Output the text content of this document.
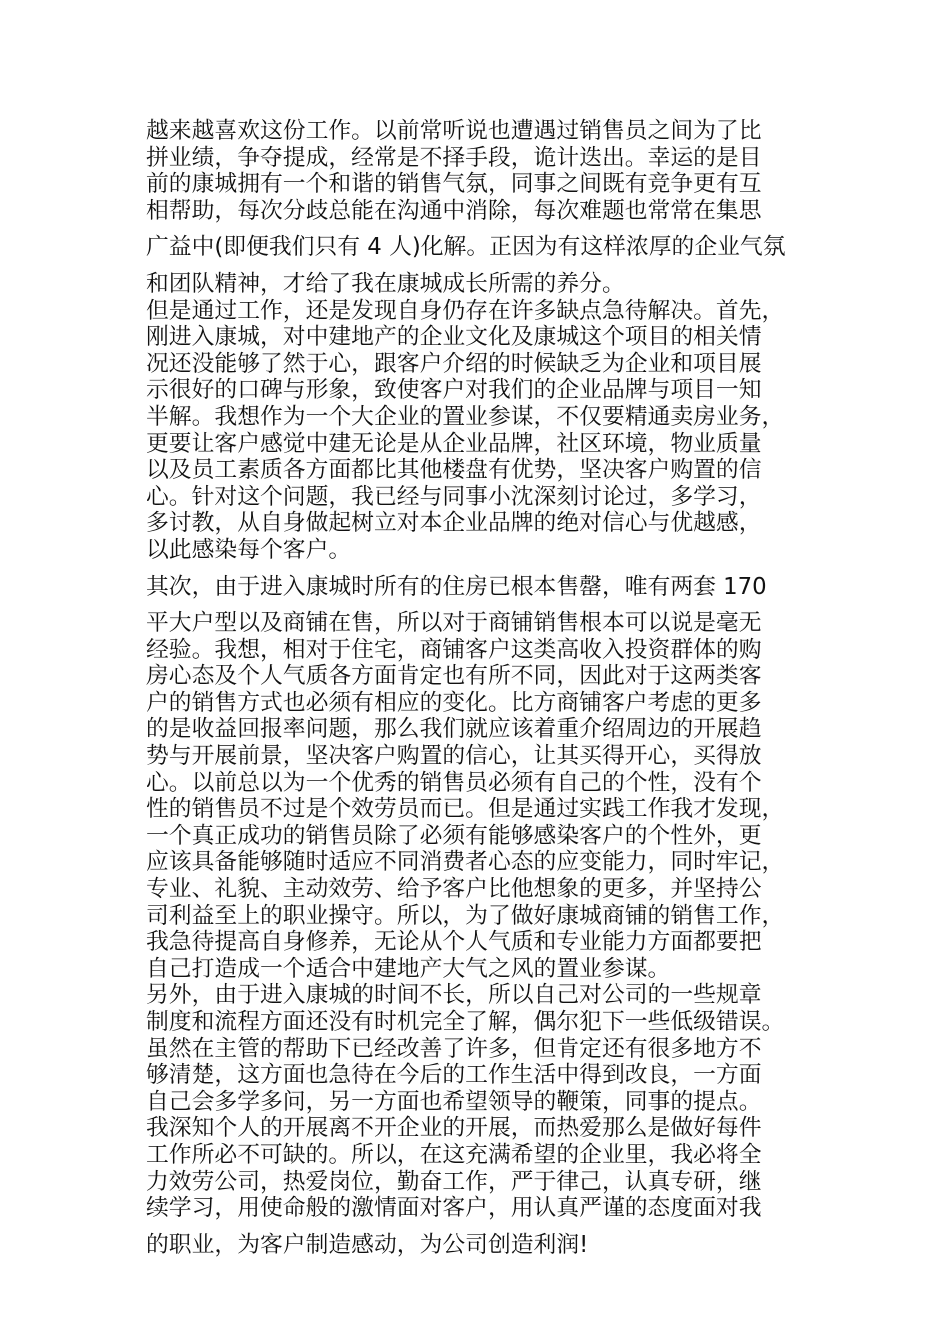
越来越喜欢这份工作。以前常听说也遭遇过销售员之间为了比
拼业绩，争夺提成，经常是不择手段，诡计迭出。幸运的是目
前的康城拥有一个和谐的销售气氛，同事之间既有竞争更有互
相帮助，每次分歧总能在沟通中消除，每次难题也常常在集思
广益中(即便我们只有 4 人)化解。正因为有这样浓厚的企业气氛
和团队精神，才给了我在康城成长所需的养分。
但是通过工作，还是发现自身仍存在许多缺点急待解决。首先，
刚进入康城，对中建地产的企业文化及康城这个项目的相关情
况还没能够了然于心，跟客户介绍的时候缺乏为企业和项目展
示很好的口碑与形象，致使客户对我们的企业品牌与项目一知
半解。我想作为一个大企业的置业参谋，不仅要精通卖房业务，
更要让客户感觉中建无论是从企业品牌，社区环境，物业质量
以及员工素质各方面都比其他楼盘有优势，坚决客户购置的信
心。针对这个问题，我已经与同事小沈深刻讨论过，多学习，
多讨教，从自身做起树立对本企业品牌的绝对信心与优越感，
以此感染每个客户。
其次，由于进入康城时所有的住房已根本售罄，唯有两套 170
平大户型以及商铺在售，所以对于商铺销售根本可以说是毫无
经验。我想，相对于住宅，商铺客户这类高收入投资群体的购
房心态及个人气质各方面肯定也有所不同，因此对于这两类客
户的销售方式也必须有相应的变化。比方商铺客户考虑的更多
的是收益回报率问题，那么我们就应该着重介绍周边的开展趋
势与开展前景，坚决客户购置的信心，让其买得开心，买得放
心。以前总以为一个优秀的销售员必须有自己的个性，没有个
性的销售员不过是个效劳员而已。但是通过实践工作我才发现，
一个真正成功的销售员除了必须有能够感染客户的个性外，更
应该具备能够随时适应不同消费者心态的应变能力，同时牢记，
专业、礼貌、主动效劳、给予客户比他想象的更多，并坚持公
司利益至上的职业操守。所以，为了做好康城商铺的销售工作，
我急待提高自身修养，无论从个人气质和专业能力方面都要把
自己打造成一个适合中建地产大气之风的置业参谋。
另外，由于进入康城的时间不长，所以自己对公司的一些规章
制度和流程方面还没有时机完全了解，偶尔犯下一些低级错误。
虽然在主管的帮助下已经改善了许多，但肯定还有很多地方不
够清楚，这方面也急待在今后的工作生活中得到改良，一方面
自己会多学多问，另一方面也希望领导的鞭策，同事的提点。
我深知个人的开展离不开企业的开展，而热爱那么是做好每件
工作所必不可缺的。所以，在这充满希望的企业里，我必将全
力效劳公司，热爱岗位，勤奋工作，严于律己，认真专研，继
续学习，用使命般的激情面对客户，用认真严谨的态度面对我
的职业，为客户制造感动，为公司创造利润!
